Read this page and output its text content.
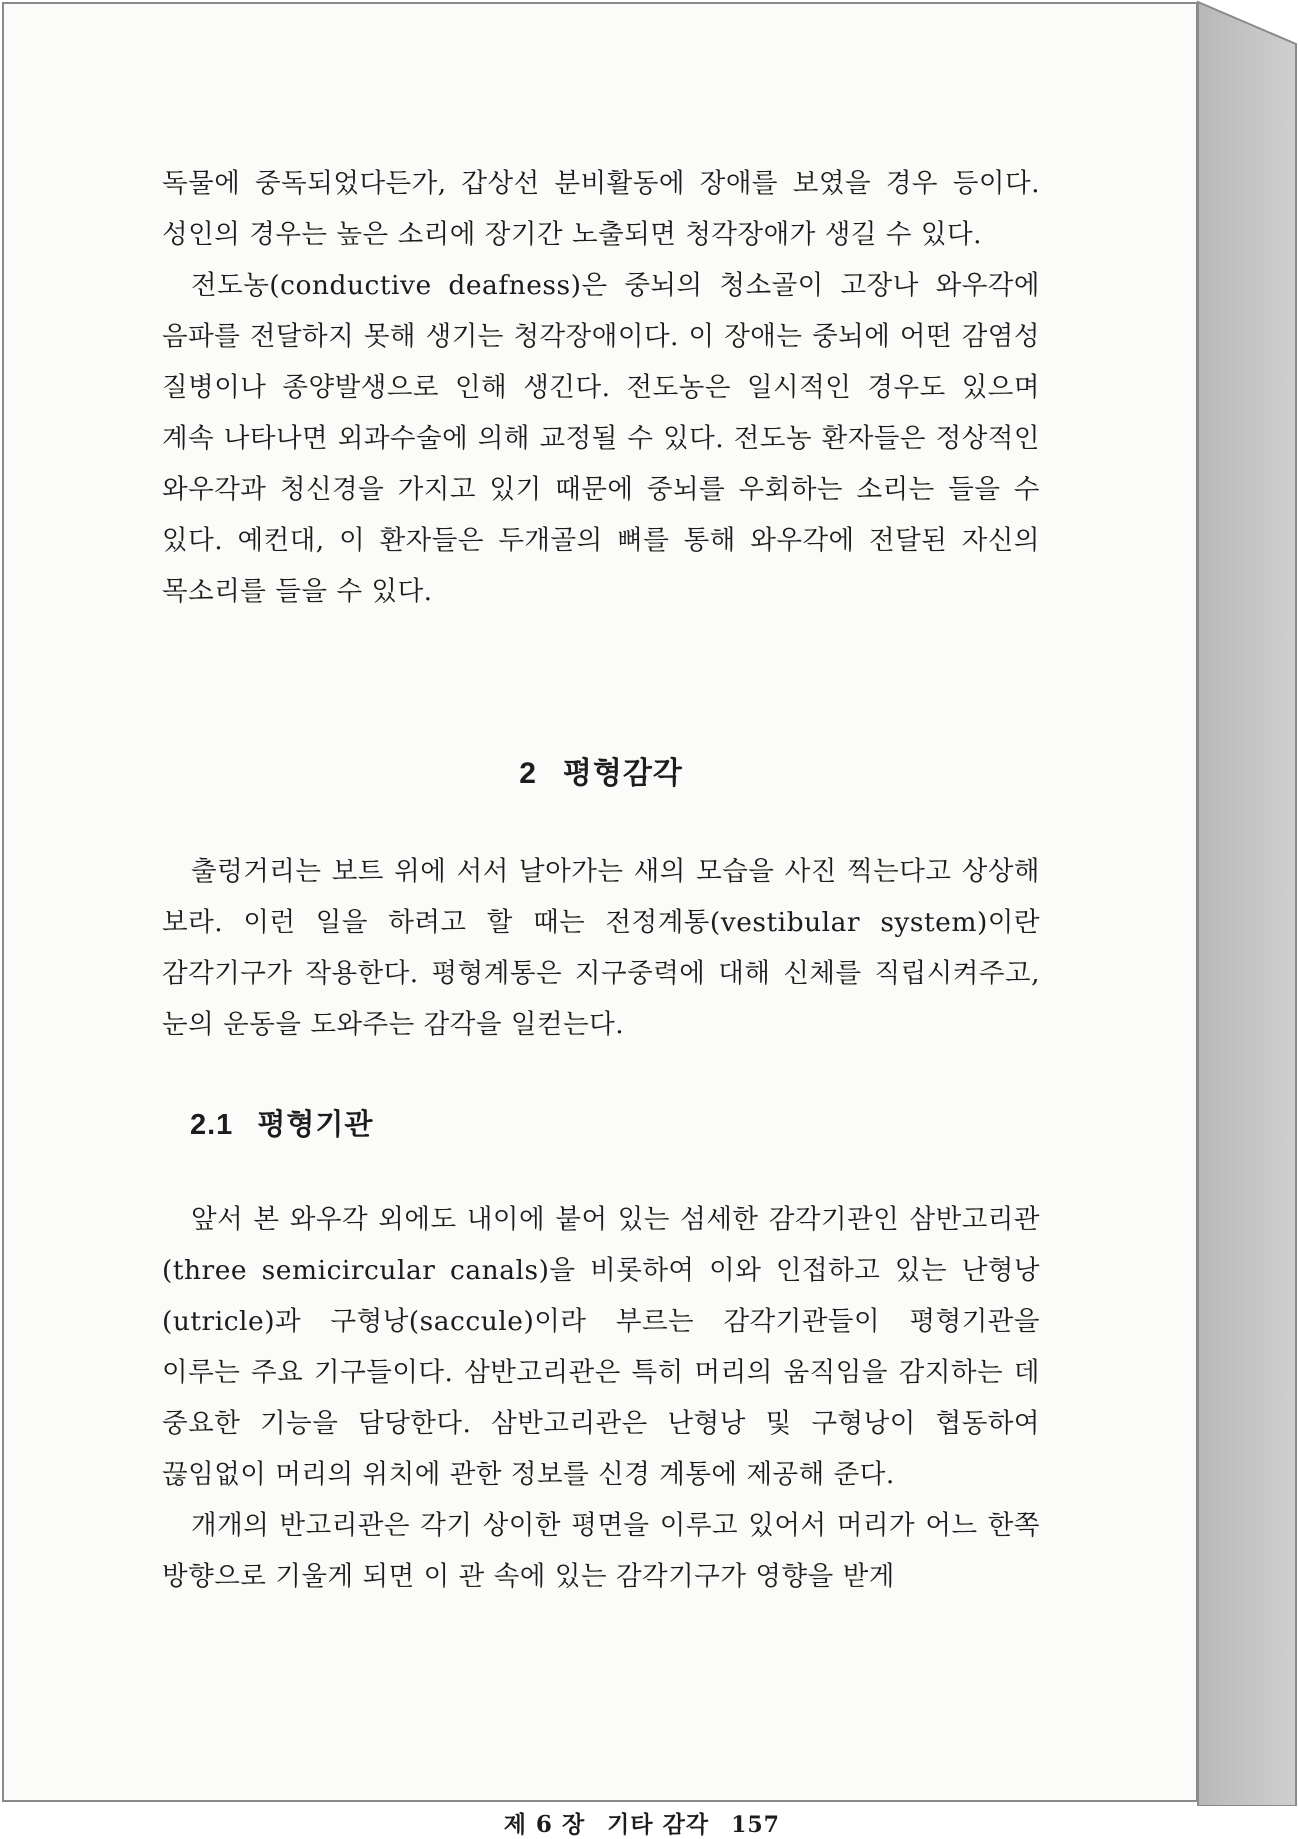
독물에 중독되었다든가, 갑상선 분비활동에 장애를 보였을 경우 등이다. 성인의 경우는 높은 소리에 장기간 노출되면 청각장애가 생길 수 있다.

전도농(conductive deafness)은 중뇌의 청소골이 고장나 와우각에 음파를 전달하지 못해 생기는 청각장애이다. 이 장애는 중뇌에 어떤 감염성 질병이나 종양발생으로 인해 생긴다. 전도농은 일시적인 경우도 있으며 계속 나타나면 외과수술에 의해 교정될 수 있다. 전도농 환자들은 정상적인 와우각과 청신경을 가지고 있기 때문에 중뇌를 우회하는 소리는 들을 수 있다. 예컨대, 이 환자들은 두개골의 뼈를 통해 와우각에 전달된 자신의 목소리를 들을 수 있다.

2 평형감각

출렁거리는 보트 위에 서서 날아가는 새의 모습을 사진 찍는다고 상상해 보라. 이런 일을 하려고 할 때는 전정계통(vestibular system)이란 감각기구가 작용한다. 평형계통은 지구중력에 대해 신체를 직립시켜주고, 눈의 운동을 도와주는 감각을 일컫는다.

2.1 평형기관

앞서 본 와우각 외에도 내이에 붙어 있는 섬세한 감각기관인 삼반고리관(three semicircular canals)을 비롯하여 이와 인접하고 있는 난형낭(utricle)과 구형낭(saccule)이라 부르는 감각기관들이 평형기관을 이루는 주요 기구들이다. 삼반고리관은 특히 머리의 움직임을 감지하는 데 중요한 기능을 담당한다. 삼반고리관은 난형낭 및 구형낭이 협동하여 끊임없이 머리의 위치에 관한 정보를 신경 계통에 제공해 준다.

개개의 반고리관은 각기 상이한 평면을 이루고 있어서 머리가 어느 한쪽 방향으로 기울게 되면 이 관 속에 있는 감각기구가 영향을 받게

제 6 장 기타 감각 157
